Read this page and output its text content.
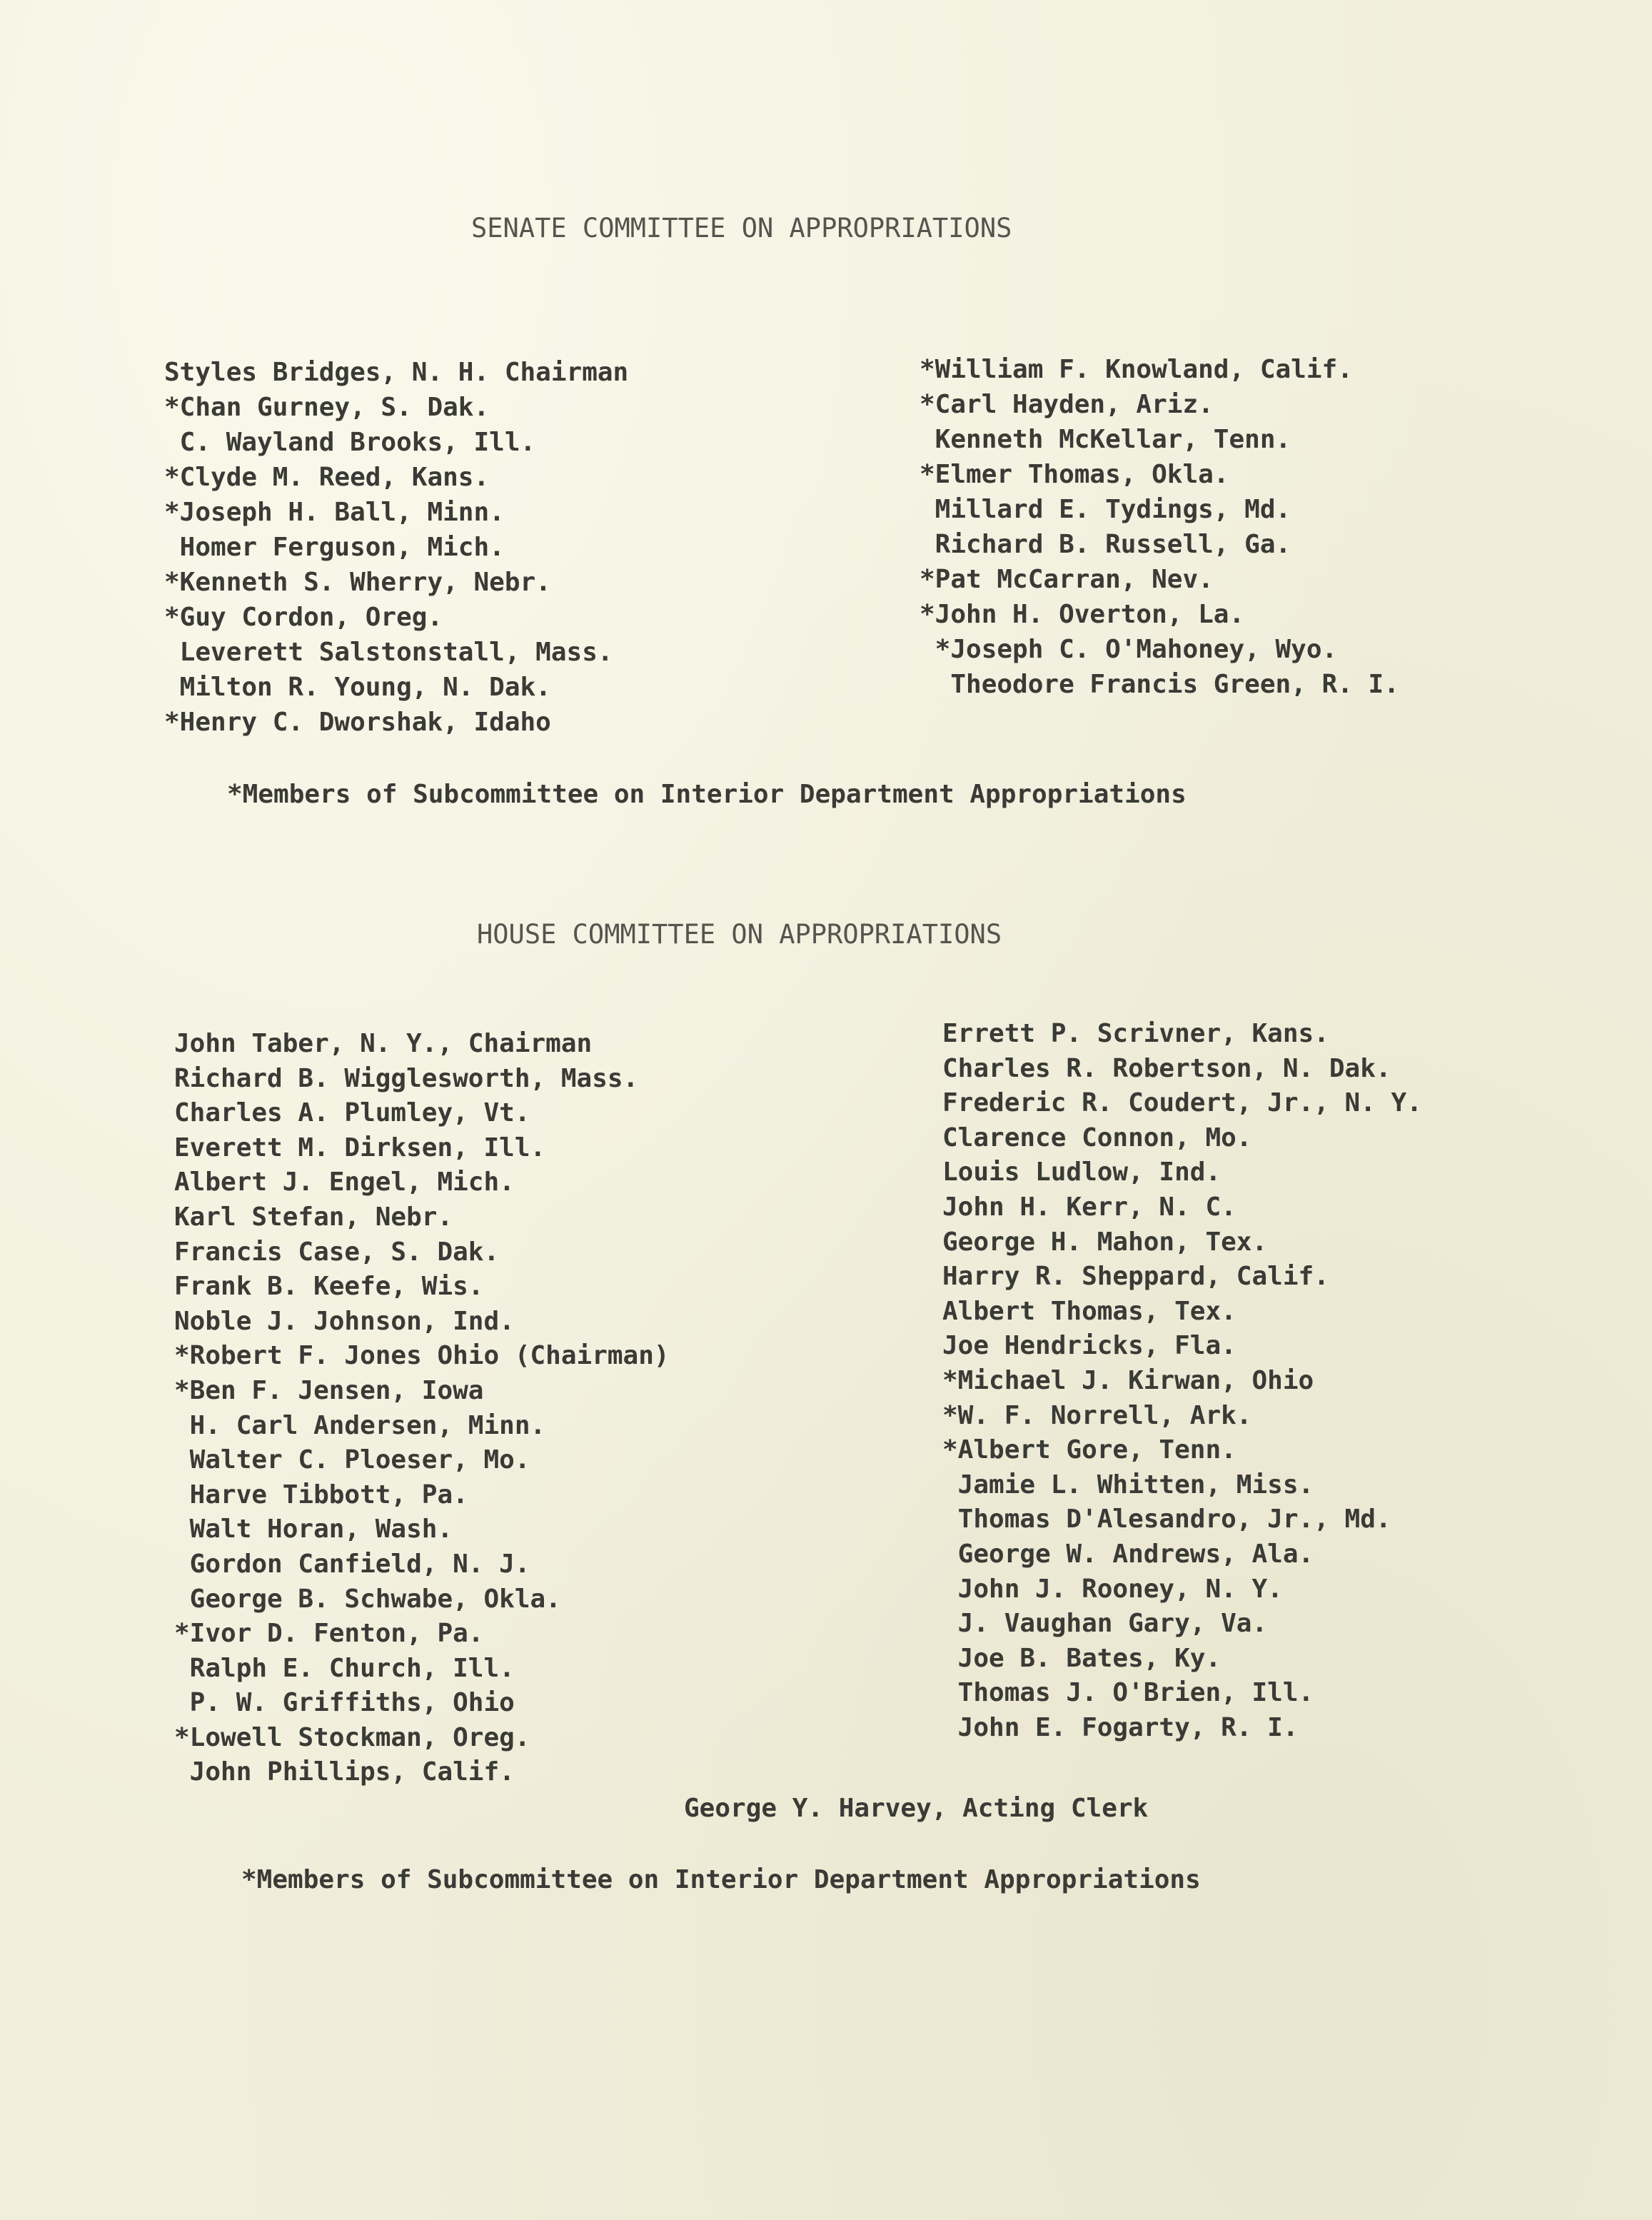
SENATE COMMITTEE ON APPROPRIATIONS
Styles Bridges, N. H. Chairman
*Chan Gurney, S. Dak.
C. Wayland Brooks, Ill.
*Clyde M. Reed, Kans.
*Joseph H. Ball, Minn.
Homer Ferguson, Mich.
*Kenneth S. Wherry, Nebr.
*Guy Cordon, Oreg.
Leverett Salstonstall, Mass.
Milton R. Young, N. Dak.
*Henry C. Dworshak, Idaho
*William F. Knowland, Calif.
*Carl Hayden, Ariz.
Kenneth McKellar, Tenn.
*Elmer Thomas, Okla.
Millard E. Tydings, Md.
Richard B. Russell, Ga.
*Pat McCarran, Nev.
*John H. Overton, La.
*Joseph C. O'Mahoney, Wyo.
Theodore Francis Green, R. I.
*Members of Subcommittee on Interior Department Appropriations
HOUSE COMMITTEE ON APPROPRIATIONS
John Taber, N. Y., Chairman
Richard B. Wigglesworth, Mass.
Charles A. Plumley, Vt.
Everett M. Dirksen, Ill.
Albert J. Engel, Mich.
Karl Stefan, Nebr.
Francis Case, S. Dak.
Frank B. Keefe, Wis.
Noble J. Johnson, Ind.
*Robert F. Jones Ohio (Chairman)
*Ben F. Jensen, Iowa
H. Carl Andersen, Minn.
Walter C. Ploeser, Mo.
Harve Tibbott, Pa.
Walt Horan, Wash.
Gordon Canfield, N. J.
George B. Schwabe, Okla.
*Ivor D. Fenton, Pa.
Ralph E. Church, Ill.
P. W. Griffiths, Ohio
*Lowell Stockman, Oreg.
John Phillips, Calif.
Errett P. Scrivner, Kans.
Charles R. Robertson, N. Dak.
Frederic R. Coudert, Jr., N. Y.
Clarence Connon, Mo.
Louis Ludlow, Ind.
John H. Kerr, N. C.
George H. Mahon, Tex.
Harry R. Sheppard, Calif.
Albert Thomas, Tex.
Joe Hendricks, Fla.
*Michael J. Kirwan, Ohio
*W. F. Norrell, Ark.
*Albert Gore, Tenn.
Jamie L. Whitten, Miss.
Thomas D'Alesandro, Jr., Md.
George W. Andrews, Ala.
John J. Rooney, N. Y.
J. Vaughan Gary, Va.
Joe B. Bates, Ky.
Thomas J. O'Brien, Ill.
John E. Fogarty, R. I.
George Y. Harvey, Acting Clerk
*Members of Subcommittee on Interior Department Appropriations
